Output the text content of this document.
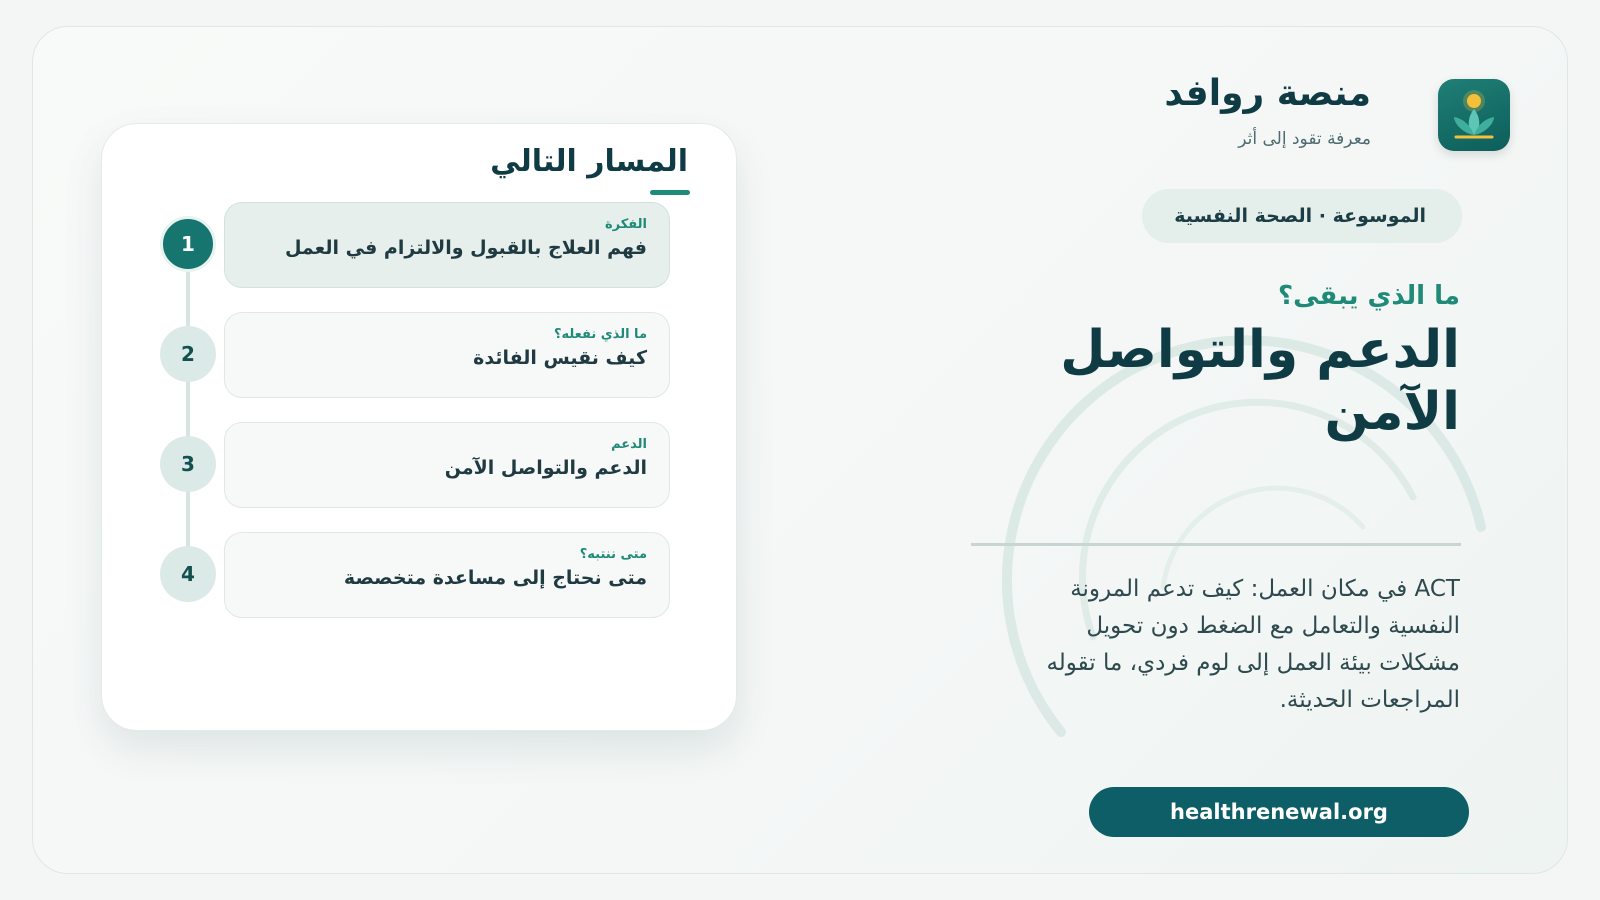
منصة روافد
معرفة تقود إلى أثر
الموسوعة · الصحة النفسية
ما الذي يبقى؟
الدعم والتواصل الآمن
ACT في مكان العمل: كيف تدعم المرونة النفسية والتعامل مع الضغط دون تحويل مشكلات بيئة العمل إلى لوم فردي، ما تقوله المراجعات الحديثة.
healthrenewal.org
المسار التالي
1
الفكرة
فهم العلاج بالقبول والالتزام في العمل
2
ما الذي نفعله؟
كيف نقيس الفائدة
3
الدعم
الدعم والتواصل الآمن
4
متى ننتبه؟
متى نحتاج إلى مساعدة متخصصة
